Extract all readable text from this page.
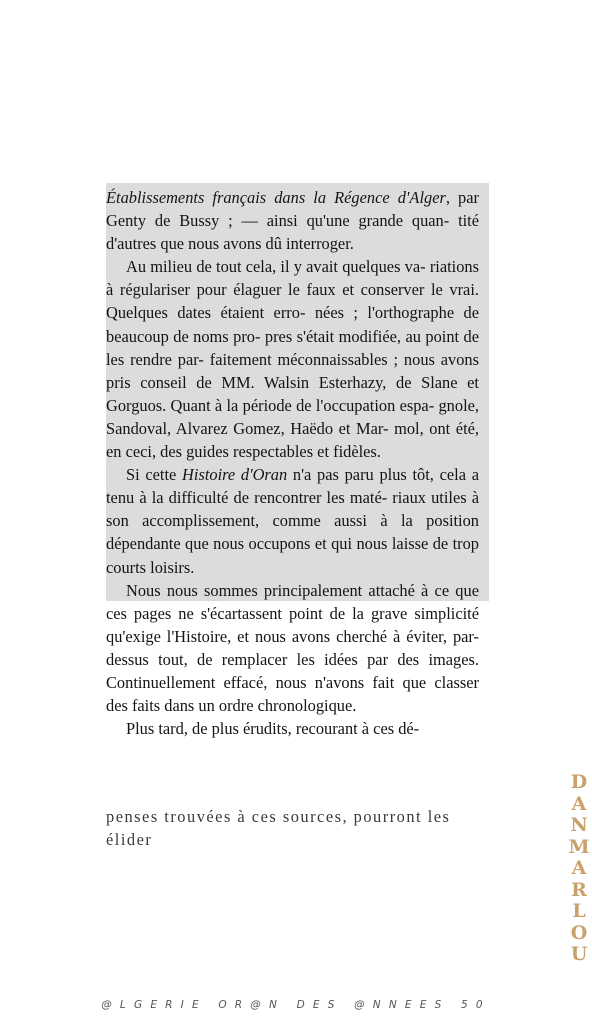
Établissements français dans la Régence d'Alger, par Genty de Bussy ; — ainsi qu'une grande quan- tité d'autres que nous avons dû interroger.

Au milieu de tout cela, il y avait quelques va- riations à régulariser pour élaguer le faux et conserver le vrai. Quelques dates étaient erro- nées ; l'orthographe de beaucoup de noms pro- pres s'était modifiée, au point de les rendre par- faitement méconnaissables ; nous avons pris conseil de MM. Walsin Esterhazy, de Slane et Gorguos. Quant à la période de l'occupation espa- gnole, Sandoval, Alvarez Gomez, Haëdo et Mar- mol, ont été, en ceci, des guides respectables et fidèles.

Si cette Histoire d'Oran n'a pas paru plus tôt, cela a tenu à la difficulté de rencontrer les maté- riaux utiles à son accomplissement, comme aussi à la position dépendante que nous occupons et qui nous laisse de trop courts loisirs.

Nous nous sommes principalement attaché à ce que ces pages ne s'écartassent point de la grave simplicité qu'exige l'Histoire, et nous avons cherché à éviter, par-dessus tout, de remplacer les idées par des images. Continuellement effacé, nous n'avons fait que classer des faits dans un ordre chronologique.

Plus tard, de plus érudits, recourant à ces dé-

penses trouvées à ces sources, pourront les élider
D
A
N
M
A
R
L
O
U
@LGERIE OR@N DES @NNEES 50
